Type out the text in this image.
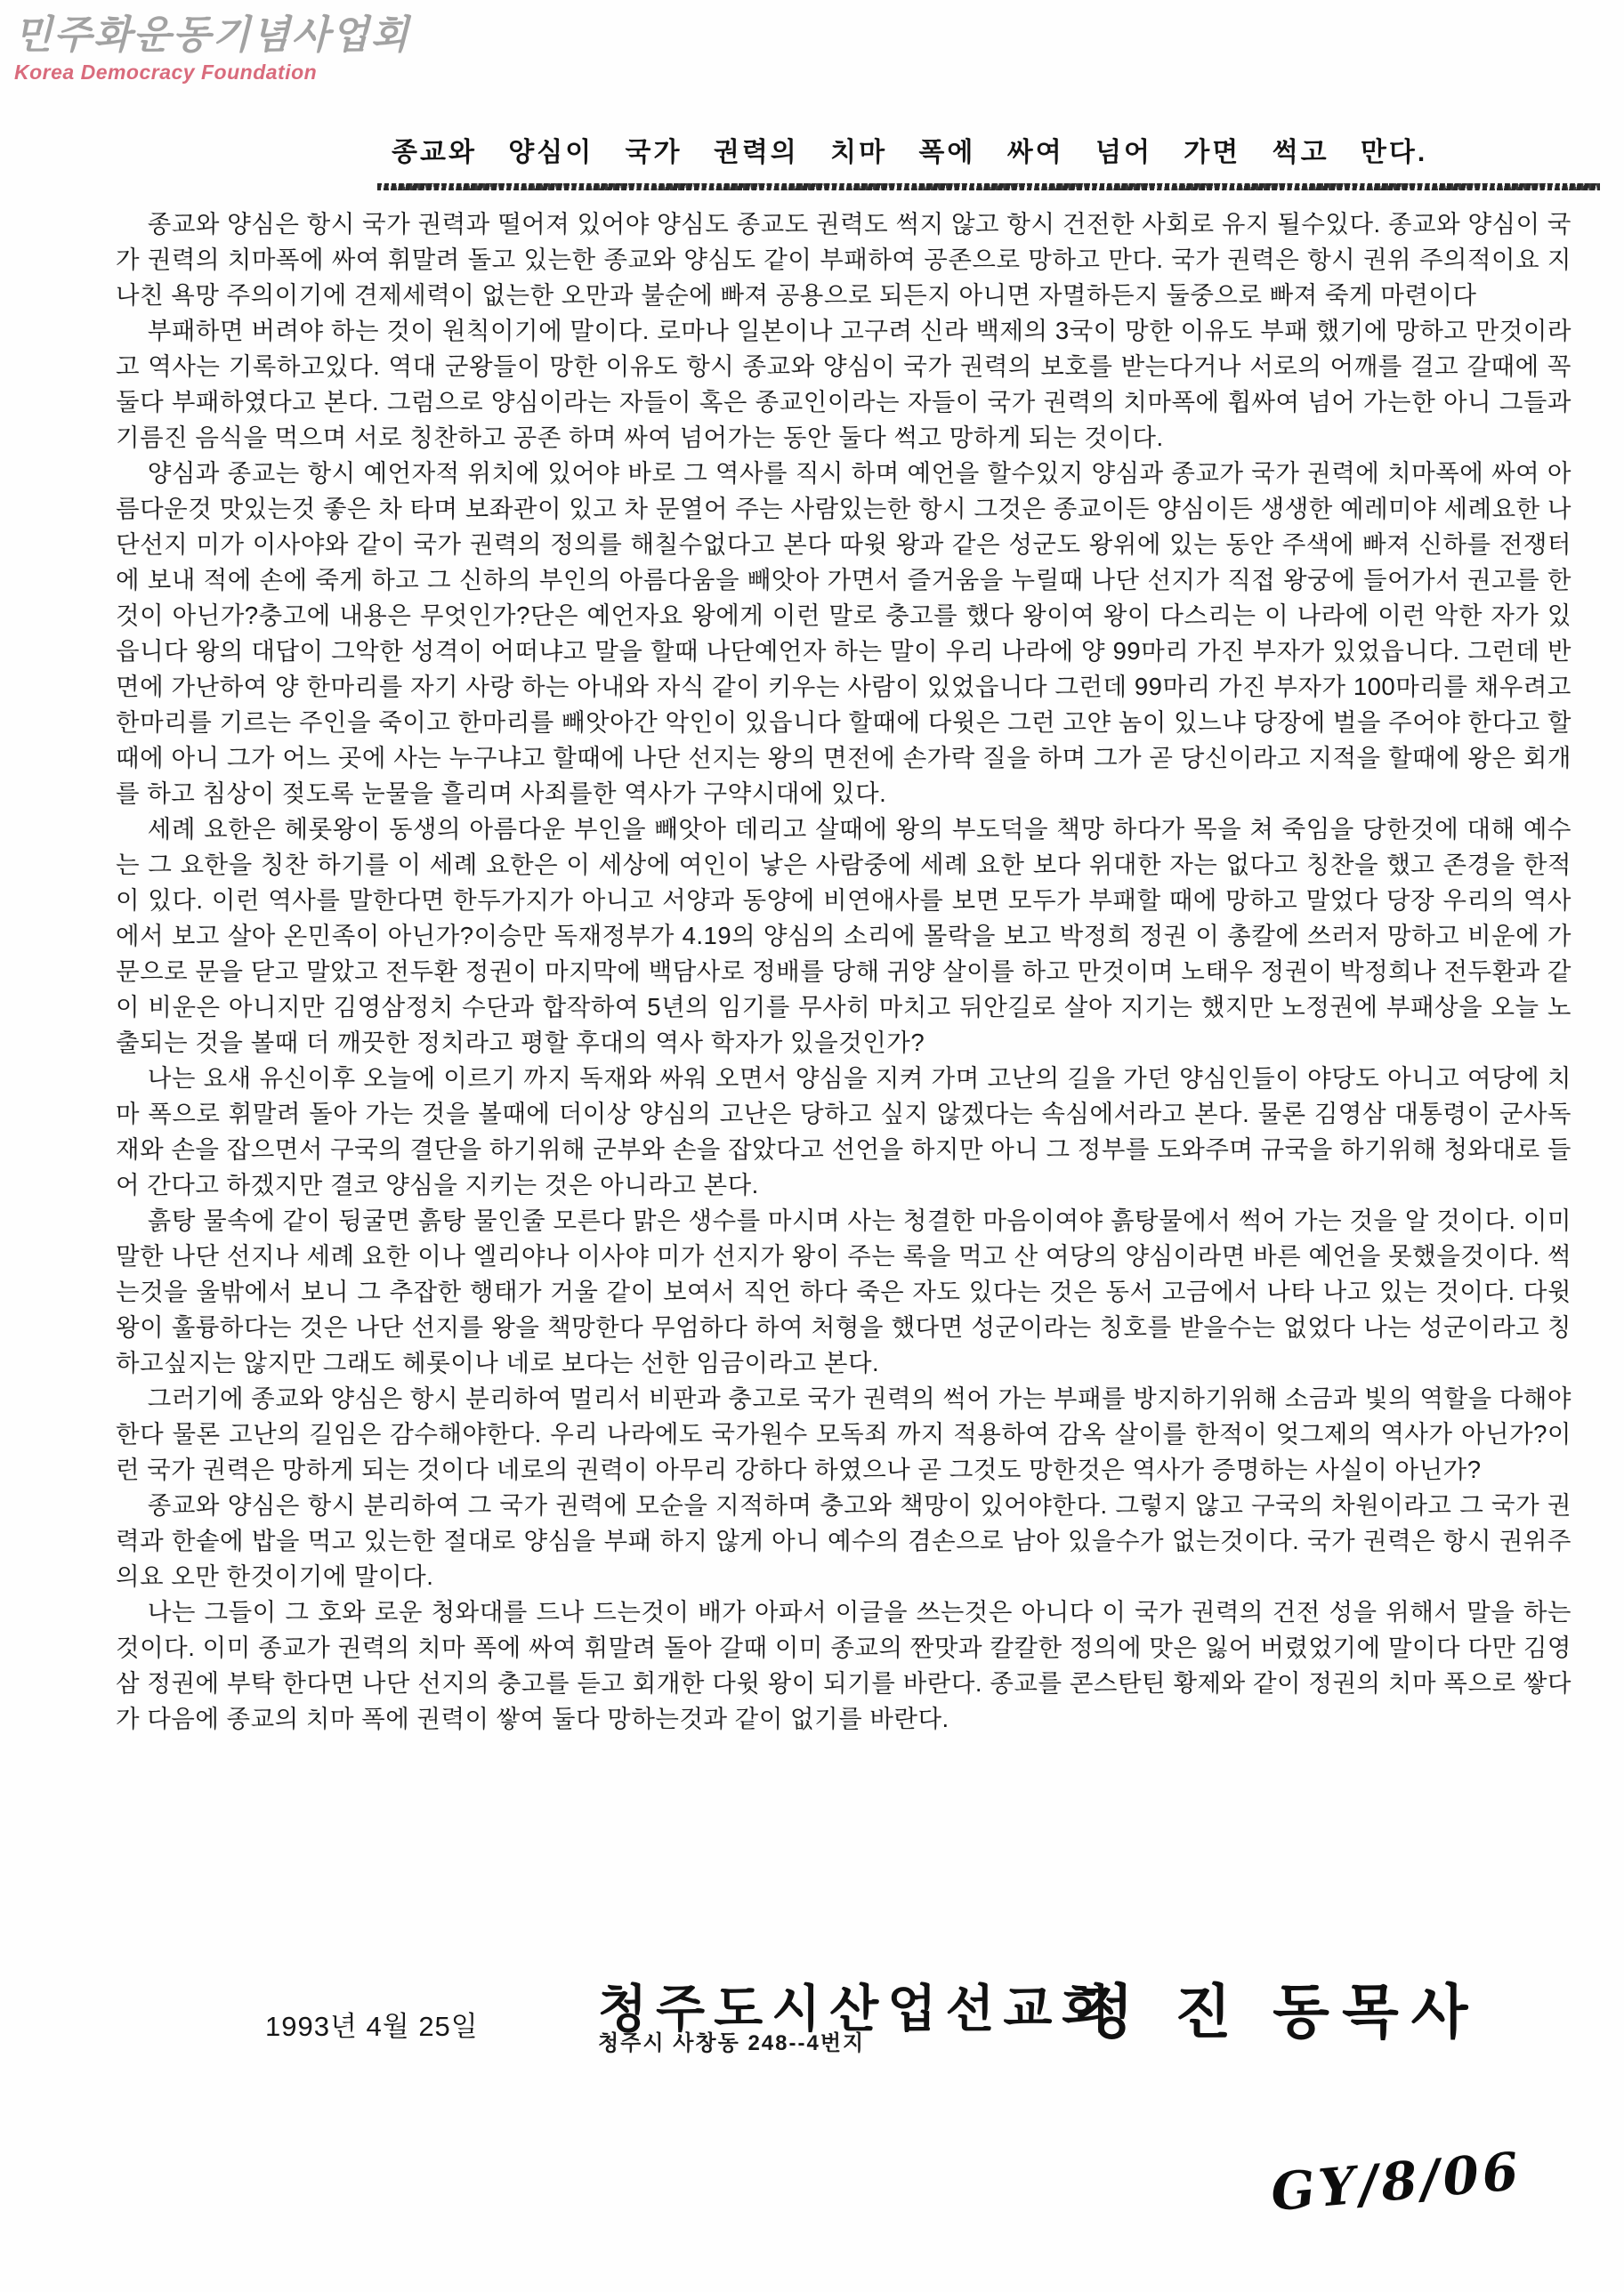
민주화운동기념사업회
Korea Democracy Foundation
종교와 양심이 국가 권력의 치마 폭에 싸여 넘어 가면 썩고 만다.

종교와 양심은 항시 국가 권력과 떨어져 있어야 양심도 종교도 권력도 썩지 않고 항시 건전한 사회로 유지 될수있다. 종교와 양심이 국가 권력의 치마폭에 싸여 휘말려 돌고 있는한 종교와 양심도 같이 부패하여 공존으로 망하고 만다. 국가 권력은 항시 권위 주의적이요 지나친 욕망 주의이기에 견제세력이 없는한 오만과 불순에 빠져 공용으로 되든지 아니면 자멸하든지 둘중으로 빠져 죽게 마련이다

부패하면 버려야 하는 것이 원칙이기에 말이다. 로마나 일본이나 고구려 신라 백제의 3국이 망한 이유도 부패 했기에 망하고 만것이라고 역사는 기록하고있다. 역대 군왕들이 망한 이유도 항시 종교와 양심이 국가 권력의 보호를 받는다거나 서로의 어깨를 걸고 갈때에 꼭 둘다 부패하였다고 본다. 그럼으로 양심이라는 자들이 혹은 종교인이라는 자들이 국가 권력의 치마폭에 휩싸여 넘어 가는한 아니 그들과 기름진 음식을 먹으며 서로 칭찬하고 공존 하며 싸여 넘어가는 동안 둘다 썩고 망하게 되는 것이다.

양심과 종교는 항시 예언자적 위치에 있어야 바로 그 역사를 직시 하며 예언을 할수있지 양심과 종교가 국가 권력에 치마폭에 싸여 아름다운것 맛있는것 좋은 차 타며 보좌관이 있고 차 문열어 주는 사람있는한 항시 그것은 종교이든 양심이든 생생한 예레미야 세례요한 나단선지 미가 이사야와 같이 국가 권력의 정의를 해칠수없다고 본다 따윗 왕과 같은 성군도 왕위에 있는 동안 주색에 빠져 신하를 전쟁터에 보내 적에 손에 죽게 하고 그 신하의 부인의 아름다움을 빼앗아 가면서 즐거움을 누릴때 나단 선지가 직접 왕궁에 들어가서 권고를 한것이 아닌가?충고에 내용은 무엇인가?단은 예언자요 왕에게 이런 말로 충고를 했다 왕이여 왕이 다스리는 이 나라에 이런 악한 자가 있읍니다 왕의 대답이 그악한 성격이 어떠냐고 말을 할때 나단예언자 하는 말이 우리 나라에 양 99마리 가진 부자가 있었읍니다. 그런데 반면에 가난하여 양 한마리를 자기 사랑 하는 아내와 자식 같이 키우는 사람이 있었읍니다 그런데 99마리 가진 부자가 100마리를 채우려고 한마리를 기르는 주인을 죽이고 한마리를 빼앗아간 악인이 있읍니다 할때에 다윗은 그런 고얀 놈이 있느냐 당장에 벌을 주어야 한다고 할때에 아니 그가 어느 곳에 사는 누구냐고 할때에 나단 선지는 왕의 면전에 손가락 질을 하며 그가 곧 당신이라고 지적을 할때에 왕은 회개를 하고 침상이 젖도록 눈물을 흘리며 사죄를한 역사가 구약시대에 있다.

세례 요한은 헤롯왕이 동생의 아름다운 부인을 빼앗아 데리고 살때에 왕의 부도덕을 책망 하다가 목을 쳐 죽임을 당한것에 대해 예수는 그 요한을 칭찬 하기를 이 세례 요한은 이 세상에 여인이 낳은 사람중에 세례 요한 보다 위대한 자는 없다고 칭찬을 했고 존경을 한적이 있다. 이런 역사를 말한다면 한두가지가 아니고 서양과 동양에 비연애사를 보면 모두가 부패할 때에 망하고 말었다 당장 우리의 역사에서 보고 살아 온민족이 아닌가?이승만 독재정부가 4.19의 양심의 소리에 몰락을 보고 박정희 정권 이 총칼에 쓰러저 망하고 비운에 가문으로 문을 닫고 말았고 전두환 정권이 마지막에 백담사로 정배를 당해 귀양 살이를 하고 만것이며 노태우 정권이 박정희나 전두환과 같이 비운은 아니지만 김영삼정치 수단과 합작하여 5년의 임기를 무사히 마치고 뒤안길로 살아 지기는 했지만 노정권에 부패상을 오늘 노출되는 것을 볼때 더 깨끗한 정치라고 평할 후대의 역사 학자가 있을것인가?

나는 요새 유신이후 오늘에 이르기 까지 독재와 싸워 오면서 양심을 지켜 가며 고난의 길을 가던 양심인들이 야당도 아니고 여당에 치마 폭으로 휘말려 돌아 가는 것을 볼때에 더이상 양심의 고난은 당하고 싶지 않겠다는 속심에서라고 본다. 물론 김영삼 대통령이 군사독재와 손을 잡으면서 구국의 결단을 하기위해 군부와 손을 잡았다고 선언을 하지만 아니 그 정부를 도와주며 규국을 하기위해 청와대로 들어 간다고 하겠지만 결코 양심을 지키는 것은 아니라고 본다.

흙탕 물속에 같이 뒹굴면 흙탕 물인줄 모른다 맑은 생수를 마시며 사는 청결한 마음이여야 흙탕물에서 썩어 가는 것을 알 것이다. 이미 말한 나단 선지나 세례 요한 이나 엘리야나 이사야 미가 선지가 왕이 주는 록을 먹고 산 여당의 양심이라면 바른 예언을 못했을것이다. 썩는것을 울밖에서 보니 그 추잡한 행태가 거울 같이 보여서 직언 하다 죽은 자도 있다는 것은 동서 고금에서 나타 나고 있는 것이다. 다윗 왕이 훌륭하다는 것은 나단 선지를 왕을 책망한다 무엄하다 하여 처형을 했다면 성군이라는 칭호를 받을수는 없었다 나는 성군이라고 칭하고싶지는 않지만 그래도 헤롯이나 네로 보다는 선한 임금이라고 본다.

그러기에 종교와 양심은 항시 분리하여 멀리서 비판과 충고로 국가 권력의 썩어 가는 부패를 방지하기위해 소금과 빛의 역할을 다해야한다 물론 고난의 길임은 감수해야한다. 우리 나라에도 국가원수 모독죄 까지 적용하여 감옥 살이를 한적이 엊그제의 역사가 아닌가?이런 국가 권력은 망하게 되는 것이다 네로의 권력이 아무리 강하다 하였으나 곧 그것도 망한것은 역사가 증명하는 사실이 아닌가?

종교와 양심은 항시 분리하여 그 국가 권력에 모순을 지적하며 충고와 책망이 있어야한다. 그렇지 않고 구국의 차원이라고 그 국가 권력과 한솥에 밥을 먹고 있는한 절대로 양심을 부패 하지 않게 아니 예수의 겸손으로 남아 있을수가 없는것이다. 국가 권력은 항시 권위주의요 오만 한것이기에 말이다.

나는 그들이 그 호와 로운 청와대를 드나 드는것이 배가 아파서 이글을 쓰는것은 아니다 이 국가 권력의 건전 성을 위해서 말을 하는 것이다. 이미 종교가 권력의 치마 폭에 싸여 휘말려 돌아 갈때 이미 종교의 짠맛과 칼칼한 정의에 맛은 잃어 버렸었기에 말이다 다만 김영삼 정권에 부탁 한다면 나단 선지의 충고를 듣고 회개한 다윗 왕이 되기를 바란다. 종교를 콘스탄틴 황제와 같이 정권의 치마 폭으로 쌓다가 다음에 종교의 치마 폭에 권력이 쌓여 둘다 망하는것과 같이 없기를 바란다.

1993년 4월 25일 청주도시산업선교회
청주시 사창동 248--4번지	정 진 동목사
GY/8/06
